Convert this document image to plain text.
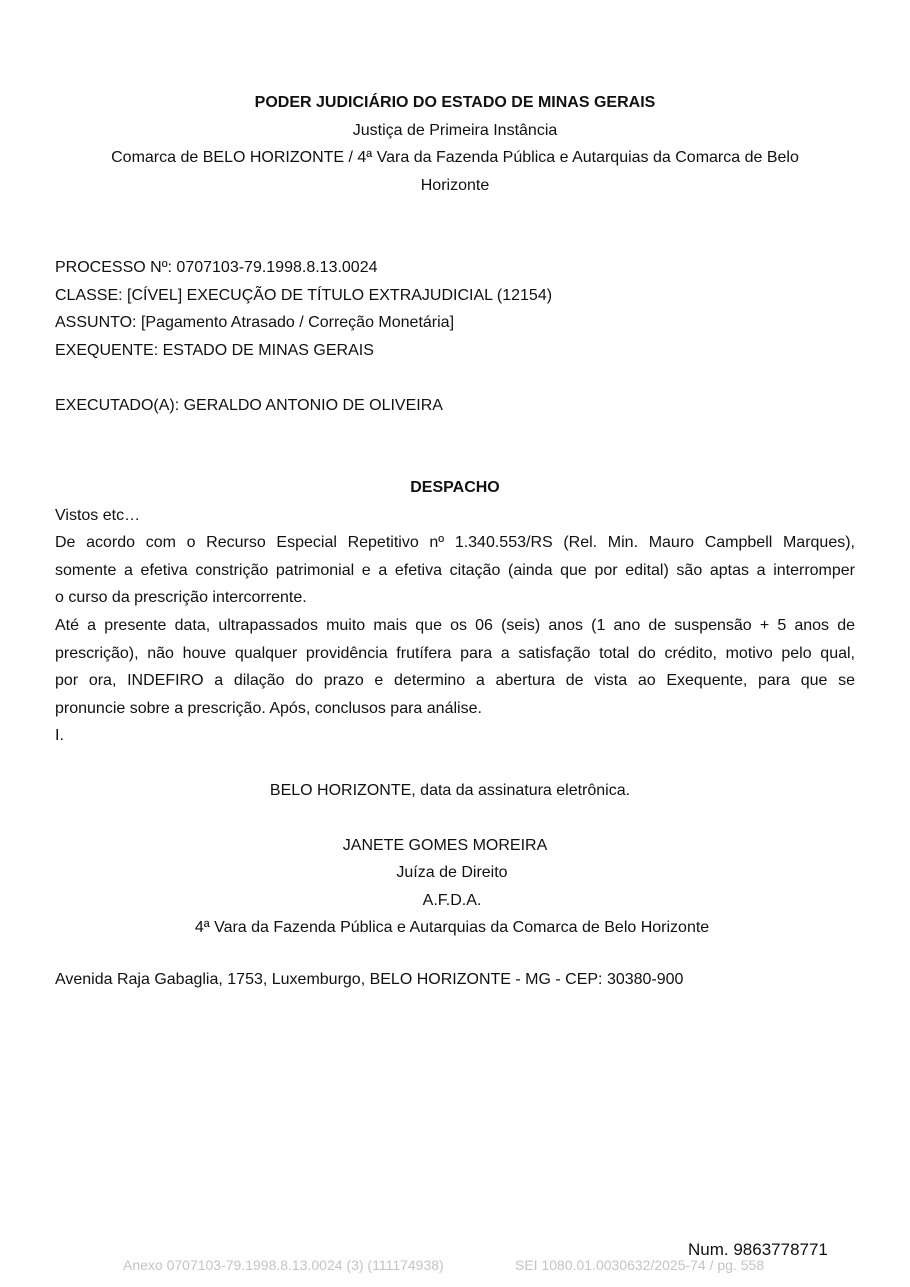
PODER JUDICIÁRIO DO ESTADO DE MINAS GERAIS
Justiça de Primeira Instância
Comarca de BELO HORIZONTE / 4ª Vara da Fazenda Pública e Autarquias da Comarca de Belo
Horizonte
PROCESSO Nº: 0707103-79.1998.8.13.0024
CLASSE: [CÍVEL] EXECUÇÃO DE TÍTULO EXTRAJUDICIAL (12154)
ASSUNTO: [Pagamento Atrasado / Correção Monetária]
EXEQUENTE: ESTADO DE MINAS GERAIS
EXECUTADO(A): GERALDO ANTONIO DE OLIVEIRA
DESPACHO
Vistos etc…
De acordo com o Recurso Especial Repetitivo nº 1.340.553/RS (Rel. Min. Mauro Campbell Marques),
somente a efetiva constrição patrimonial e a efetiva citação (ainda que por edital) são aptas a interromper
o curso da prescrição intercorrente.
Até a presente data, ultrapassados muito mais que os 06 (seis) anos (1 ano de suspensão + 5 anos de
prescrição), não houve qualquer providência frutífera para a satisfação total do crédito, motivo pelo qual,
por ora, INDEFIRO a dilação do prazo e determino a abertura de vista ao Exequente, para que se
pronuncie sobre a prescrição. Após, conclusos para análise.
I.
BELO HORIZONTE, data da assinatura eletrônica.
JANETE GOMES MOREIRA
Juíza de Direito
A.F.D.A.
4ª Vara da Fazenda Pública e Autarquias da Comarca de Belo Horizonte
Avenida Raja Gabaglia, 1753, Luxemburgo, BELO HORIZONTE - MG - CEP: 30380-900
Num. 9863778771
Anexo 0707103-79.1998.8.13.0024 (3) (111174938)	SEI 1080.01.0030632/2025-74 / pg. 558
